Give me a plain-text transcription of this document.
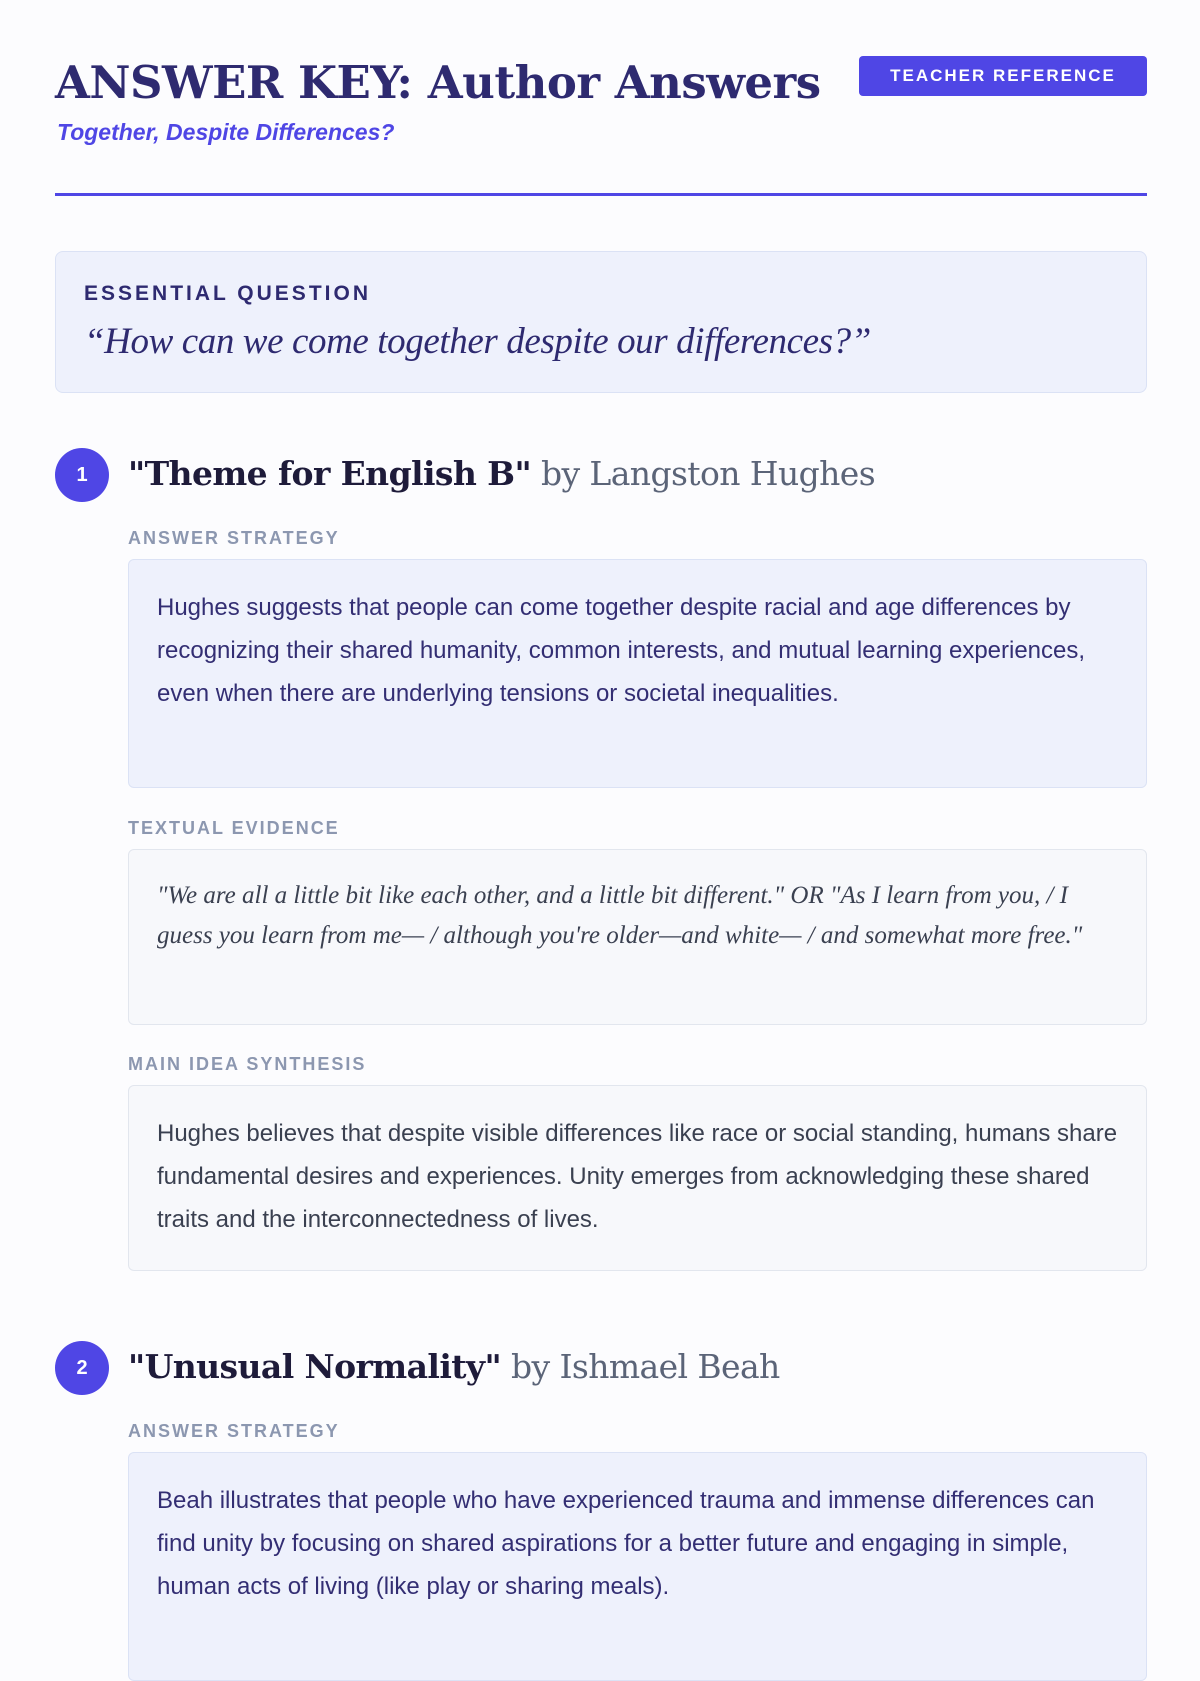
ANSWER KEY: Author Answers
Together, Despite Differences?
TEACHER REFERENCE
ESSENTIAL QUESTION
“How can we come together despite our differences?”
1	"Theme for English B" by Langston Hughes
ANSWER STRATEGY
Hughes suggests that people can come together despite racial and age differences by recognizing their shared humanity, common interests, and mutual learning experiences, even when there are underlying tensions or societal inequalities.
TEXTUAL EVIDENCE
"We are all a little bit like each other, and a little bit different." OR "As I learn from you, / I guess you learn from me— / although you're older—and white— / and somewhat more free."
MAIN IDEA SYNTHESIS
Hughes believes that despite visible differences like race or social standing, humans share fundamental desires and experiences. Unity emerges from acknowledging these shared traits and the interconnectedness of lives.
2	"Unusual Normality" by Ishmael Beah
ANSWER STRATEGY
Beah illustrates that people who have experienced trauma and immense differences can find unity by focusing on shared aspirations for a better future and engaging in simple, human acts of living (like play or sharing meals).
